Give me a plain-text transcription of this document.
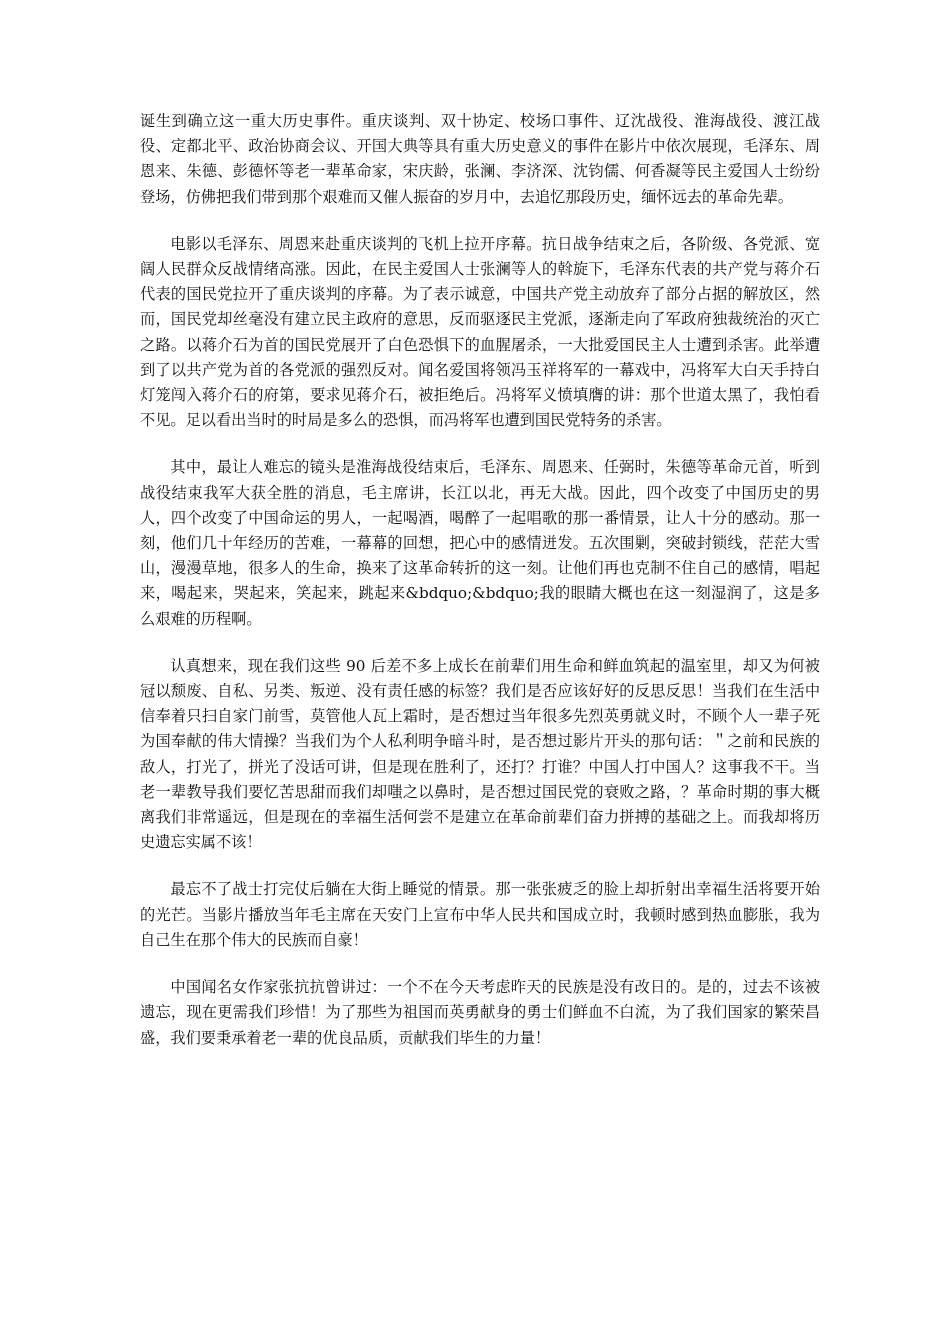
诞生到确立这一重大历史事件。重庆谈判、双十协定、校场口事件、辽沈战役、淮海战役、渡江战役、定都北平、政治协商会议、开国大典等具有重大历史意义的事件在影片中依次展现，毛泽东、周恩来、朱德、彭德怀等老一辈革命家，宋庆龄，张澜、李济深、沈钧儒、何香凝等民主爱国人士纷纷登场，仿佛把我们带到那个艰难而又催人振奋的岁月中，去追忆那段历史，缅怀远去的革命先辈。

电影以毛泽东、周恩来赴重庆谈判的飞机上拉开序幕。抗日战争结束之后，各阶级、各党派、宽阔人民群众反战情绪高涨。因此，在民主爱国人士张澜等人的斡旋下，毛泽东代表的共产党与蒋介石代表的国民党拉开了重庆谈判的序幕。为了表示诚意，中国共产党主动放弃了部分占据的解放区，然而，国民党却丝毫没有建立民主政府的意思，反而驱逐民主党派，逐渐走向了军政府独裁统治的灭亡之路。以蒋介石为首的国民党展开了白色恐惧下的血腥屠杀，一大批爱国民主人士遭到杀害。此举遭到了以共产党为首的各党派的强烈反对。闻名爱国将领冯玉祥将军的一幕戏中，冯将军大白天手持白灯笼闯入蒋介石的府第，要求见蒋介石，被拒绝后。冯将军义愤填膺的讲：那个世道太黑了，我怕看不见。足以看出当时的时局是多么的恐惧，而冯将军也遭到国民党特务的杀害。

其中，最让人难忘的镜头是淮海战役结束后，毛泽东、周恩来、任弼时，朱德等革命元首，听到战役结束我军大获全胜的消息，毛主席讲，长江以北，再无大战。因此，四个改变了中国历史的男人，四个改变了中国命运的男人，一起喝酒，喝醉了一起唱歌的那一番情景，让人十分的感动。那一刻，他们几十年经历的苦难，一幕幕的回想，把心中的感情迸发。五次围剿，突破封锁线，茫茫大雪山，漫漫草地，很多人的生命，换来了这革命转折的这一刻。让他们再也克制不住自己的感情，唱起来，喝起来，哭起来，笑起来，跳起来&bdquo;&bdquo;我的眼睛大概也在这一刻湿润了，这是多么艰难的历程啊。

认真想来，现在我们这些 90 后差不多上成长在前辈们用生命和鲜血筑起的温室里，却又为何被冠以颓废、自私、另类、叛逆、没有责任感的标签？我们是否应该好好的反思反思！当我们在生活中信奉着只扫自家门前雪，莫管他人瓦上霜时，是否想过当年很多先烈英勇就义时，不顾个人一辈子死为国奉献的伟大情操？当我们为个人私利明争暗斗时，是否想过影片开头的那句话：＂之前和民族的敌人，打光了，拼光了没话可讲，但是现在胜利了，还打？打谁？中国人打中国人？这事我不干。当老一辈教导我们要忆苦思甜而我们却嗤之以鼻时，是否想过国民党的衰败之路，？革命时期的事大概离我们非常遥远，但是现在的幸福生活何尝不是建立在革命前辈们奋力拼搏的基础之上。而我却将历史遗忘实属不该！

最忘不了战士打完仗后躺在大街上睡觉的情景。那一张张疲乏的脸上却折射出幸福生活将要开始的光芒。当影片播放当年毛主席在天安门上宣布中华人民共和国成立时，我顿时感到热血膨胀，我为自己生在那个伟大的民族而自豪！

中国闻名女作家张抗抗曾讲过：一个不在今天考虑昨天的民族是没有改日的。是的，过去不该被遗忘，现在更需我们珍惜！为了那些为祖国而英勇献身的勇士们鲜血不白流，为了我们国家的繁荣昌盛，我们要秉承着老一辈的优良品质，贡献我们毕生的力量！
